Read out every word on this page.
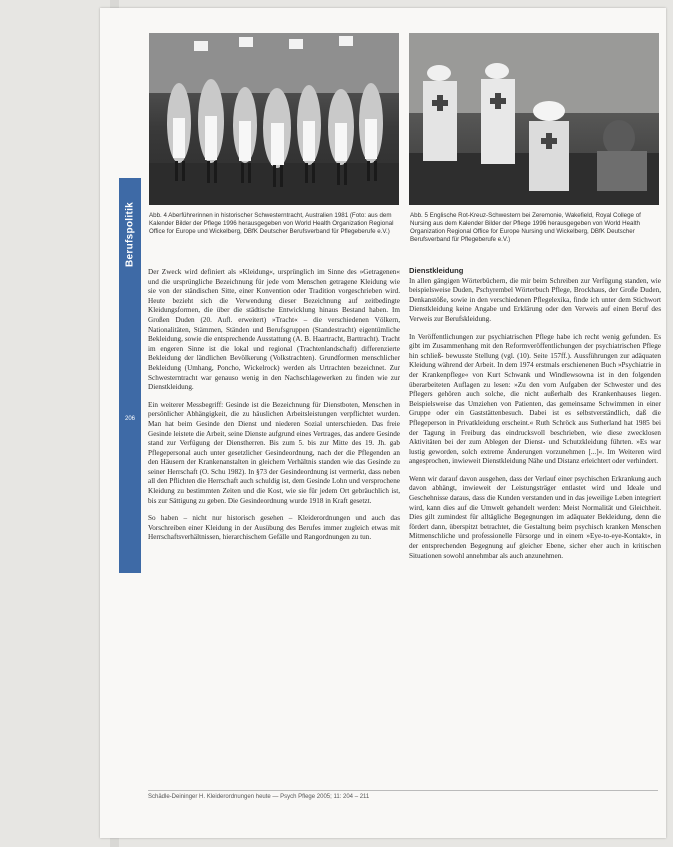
Berufspolitik
206
Abb. 4 Aberführerinnen in historischer Schwesterntracht, Australien 1981 (Foto: aus dem Kalender Bilder der Pflege 1996 herausgegeben von World Health Organization Regional Office for Europe und Wickelberg, DBfK Deutscher Berufsverband für Pflegeberufe e.V.)
Abb. 5 Englische Rot-Kreuz-Schwestern bei Zeremonie, Wakefield, Royal College of Nursing aus dem Kalender Bilder der Pflege 1996 herausgegeben von World Health Organization Regional Office for Europe Nursing und Wickelberg, DBfK Deutscher Berufsverband für Pflegeberufe e.V.)

Der Zweck wird definiert als »Kleidung«, ursprünglich im Sinne des »Getragenen« und die ursprüngliche Bezeichnung für jede vom Menschen getragene Kleidung wie sie von der ständischen Sitte, einer Konvention oder Tradition vorgeschrieben wird. Heute bezieht sich die Verwendung dieser Bezeichnung auf zeitbedingte Kleidungsformen, die über die städtische Entwicklung hinaus Bestand haben. Im Großen Duden (20. Aufl. erweitert) »Tracht« – die verschiedenen Völkern, Nationalitäten, Stämmen, Ständen und Berufsgruppen (Standestracht) eigentümliche Bekleidung, sowie die entsprechende Ausstattung (A. B. Haartracht, Barttracht). Tracht im engeren Sinne ist die lokal und regional (Trachtenlandschaft) differenzierte Bekleidung der ländlichen Bevölkerung (Volkstrachten). Grundformen menschlicher Bekleidung (Umhang, Poncho, Wickelrock) werden als Urtrachten bezeichnet. Zur Schwesterntracht war genauso wenig in den Nachschlagewerken zu finden wie zur Dienstkleidung.

Ein weiterer Messbegriff: Gesinde ist die Bezeichnung für Dienstboten, Menschen in persönlicher Abhängigkeit, die zu häuslichen Arbeitsleistungen verpflichtet wurden. Man hat beim Gesinde den Dienst und niederen Sozial unterschieden. Das freie Gesinde leistete die Arbeit, seine Dienste aufgrund eines Vertrages, das andere Gesinde stand zur Verfügung der Dienstherren. Bis zum 5. bis zur Mitte des 19. Jh. gab Pflegepersonal auch unter gesetzlicher Gesindeordnung, nach der die Pflegenden an den Häusern der Krankenanstalten in gleichem Verhältnis standen wie das Gesinde zu seiner Herrschaft (O. Schu 1982). In §73 der Gesindeordnung ist vermerkt, dass neben all den Pflichten die Herrschaft auch schuldig ist, dem Gesinde Lohn und versprochene Kleidung zu bestimmten Zeiten und die Kost, wie sie für jedem Ort gebräuchlich ist, bis zur Sättigung zu geben. Die Gesindeordnung wurde 1918 in Kraft gesetzt.

So haben – nicht nur historisch gesehen – Kleiderordnungen und auch das Vorschreiben einer Kleidung in der Ausübung des Berufes immer zugleich etwas mit Herrschaftsverhältnissen, hierarchischem Gefälle und Rangordnungen zu tun.

Dienstkleidung

In allen gängigen Wörterbüchern, die mir beim Schreiben zur Verfügung standen, wie beispielsweise Duden, Pschyrembel Wörterbuch Pflege, Brockhaus, der Große Duden, Denkanstöße, sowie in den verschiedenen Pflegelexika, finde ich unter dem Stichwort Dienstkleidung keine Angabe und Erklärung oder den Verweis auf einen Beruf des Verweis zur Berufskleidung.

In Veröffentlichungen zur psychiatrischen Pflege habe ich recht wenig gefunden. Es gibt im Zusammenhang mit den Reformveröffentlichungen der psychiatrischen Pflege hin schließ- bewusste Stellung (vgl. (10). Seite 157ff.). Aussführungen zur adäquaten Kleidung während der Arbeit. In dem 1974 erstmals erschienenen Buch »Psychiatrie in der Krankenpflege« von Kurt Schwank und Windlewsowna ist in den folgenden überarbeiteten Auflagen zu lesen: »Zu den vorn Aufgaben der Schwester und des Pflegers gehören auch solche, die nicht außerhalb des Krankenhauses liegen. Beispielsweise das Umziehen von Patienten, das gemeinsame Schwimmen in einer Gruppe oder ein Gaststättenbesuch. Dabei ist es selbstverständlich, daß die Pflegeperson in Privatkleidung erscheint.« Ruth Schröck aus Sutherland hat 1985 bei der Tagung in Freiburg das eindrucksvoll beschrieben, wie diese zwecklosen Aktivitäten bei der zum Ablegen der Dienst- und Schutzkleidung führten. »Es war lustig geworden, solch extreme Änderungen vorzunehmen [...]«. Im Weiteren wird angesprochen, inwieweit Dienstkleidung Nähe und Distanz erleichtert oder verhindert.

Wenn wir darauf davon ausgehen, dass der Verlauf einer psychischen Erkrankung auch davon abhängt, inwieweit der Leistungsträger entlastet wird und Ideale und Geschehnisse daraus, dass die Kunden verstanden und in das jeweilige Leben integriert wird, kann dies auf die Umwelt gehandelt werden: Meist Normalität und Gleichheit. Dies gilt zumindest für alltägliche Begegnungen im adäquater Bekleidung, denn die fördert dann, überspitzt betrachtet, die Gestaltung beim psychisch kranken Menschen Mitmenschliche und professionelle Fürsorge und in einem »Eye-to-eye-Kontakt«, in der entsprechenden Begegnung auf gleicher Ebene, sicher eher auch in kritischen Situationen sowohl annehmbar als auch anzunehmen.

Schädle-Deininger H. Kleiderordnungen heute — Psych Pflege 2005; 11: 204 – 211
